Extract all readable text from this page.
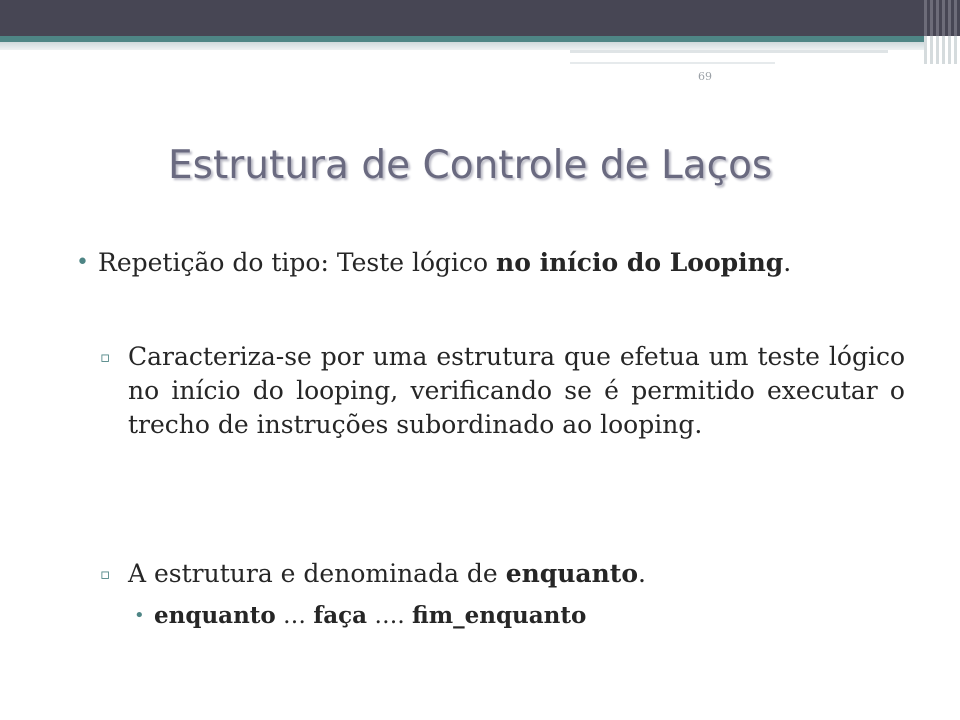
69
Estrutura de Controle de Laços
• Repetição do tipo: Teste lógico no início do Looping.
▫ Caracteriza-se por uma estrutura que efetua um teste lógico no início do looping, verificando se é permitido executar o trecho de instruções subordinado ao looping.
▫ A estrutura e denominada de enquanto.
• enquanto … faça …. fim_enquanto
